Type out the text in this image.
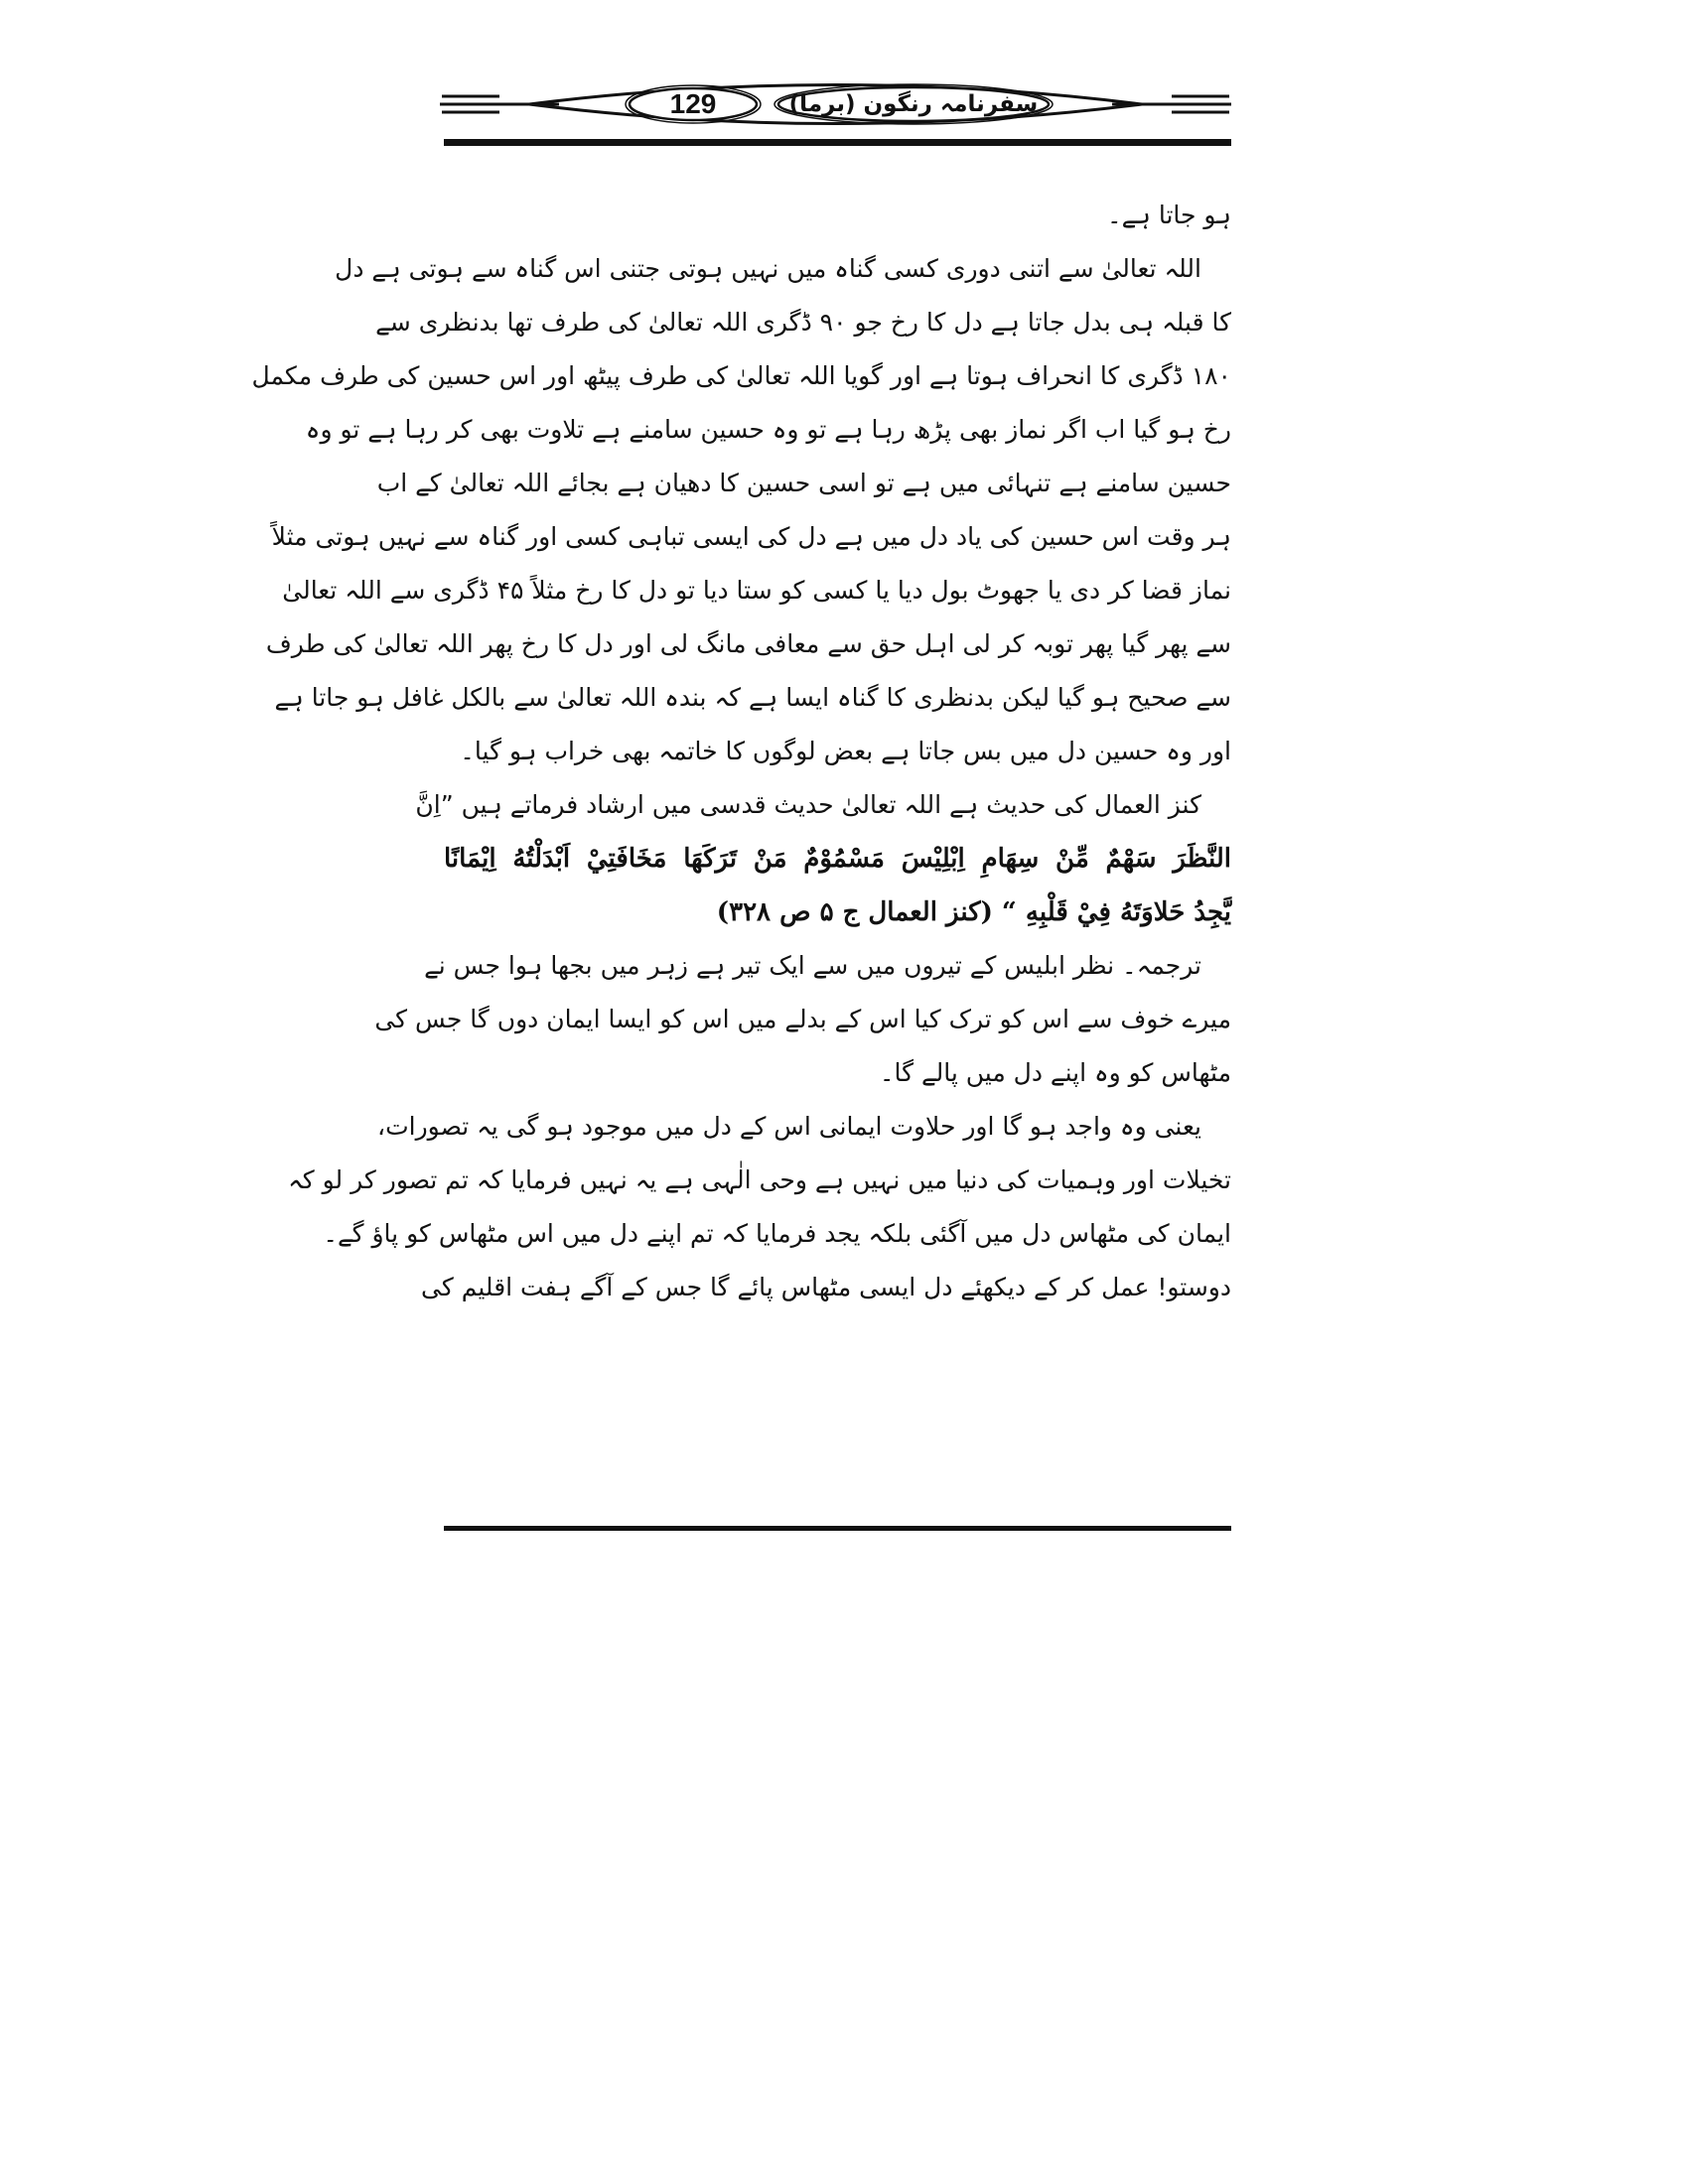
129	سفرنامہ رنگون (برما)
ہو جاتا ہے۔
اللہ تعالیٰ سے اتنی دوری کسی گناہ میں نہیں ہوتی جتنی اس گناہ سے ہوتی ہے دل
کا قبلہ ہی بدل جاتا ہے دل کا رخ جو ۹۰ ڈگری اللہ تعالیٰ کی طرف تھا بدنظری سے
۱۸۰ ڈگری کا انحراف ہوتا ہے اور گویا اللہ تعالیٰ کی طرف پیٹھ اور اس حسین کی طرف مکمل
رخ ہو گیا اب اگر نماز بھی پڑھ رہا ہے تو وہ حسین سامنے ہے تلاوت بھی کر رہا ہے تو وہ
حسین سامنے ہے تنہائی میں ہے تو اسی حسین کا دھیان ہے بجائے اللہ تعالیٰ کے اب
ہر وقت اس حسین کی یاد دل میں ہے دل کی ایسی تباہی کسی اور گناہ سے نہیں ہوتی مثلاً
نماز قضا کر دی یا جھوٹ بول دیا یا کسی کو ستا دیا تو دل کا رخ مثلاً ۴۵ ڈگری سے اللہ تعالیٰ
سے پھر گیا پھر توبہ کر لی اہل حق سے معافی مانگ لی اور دل کا رخ پھر اللہ تعالیٰ کی طرف
سے صحیح ہو گیا لیکن بدنظری کا گناہ ایسا ہے کہ بندہ اللہ تعالیٰ سے بالکل غافل ہو جاتا ہے
اور وہ حسین دل میں بس جاتا ہے بعض لوگوں کا خاتمہ بھی خراب ہو گیا۔
کنز العمال کی حدیث ہے اللہ تعالیٰ حدیث قدسی میں ارشاد فرماتے ہیں ”اِنَّ
النَّظَرَ سَهْمٌ مِّنْ سِهَامِ اِبْلِيْسَ مَسْمُوْمٌ مَنْ تَرَكَهَا مَخَافَتِيْ اَبْدَلْتُهُ اِيْمَانًا
يَّجِدُ حَلاوَتَهُ فِيْ قَلْبِهِ “ (کنز العمال ج ۵ ص ۳۲۸)
ترجمہ۔ نظر ابلیس کے تیروں میں سے ایک تیر ہے زہر میں بجھا ہوا جس نے
میرے خوف سے اس کو ترک کیا اس کے بدلے میں اس کو ایسا ایمان دوں گا جس کی
مٹھاس کو وہ اپنے دل میں پالے گا۔
یعنی وہ واجد ہو گا اور حلاوت ایمانی اس کے دل میں موجود ہو گی یہ تصورات،
تخیلات اور وہمیات کی دنیا میں نہیں ہے وحی الٰہی ہے یہ نہیں فرمایا کہ تم تصور کر لو کہ
ایمان کی مٹھاس دل میں آگئی بلکہ یجد فرمایا کہ تم اپنے دل میں اس مٹھاس کو پاؤ گے۔
دوستو! عمل کر کے دیکھئے دل ایسی مٹھاس پائے گا جس کے آگے ہفت اقلیم کی
